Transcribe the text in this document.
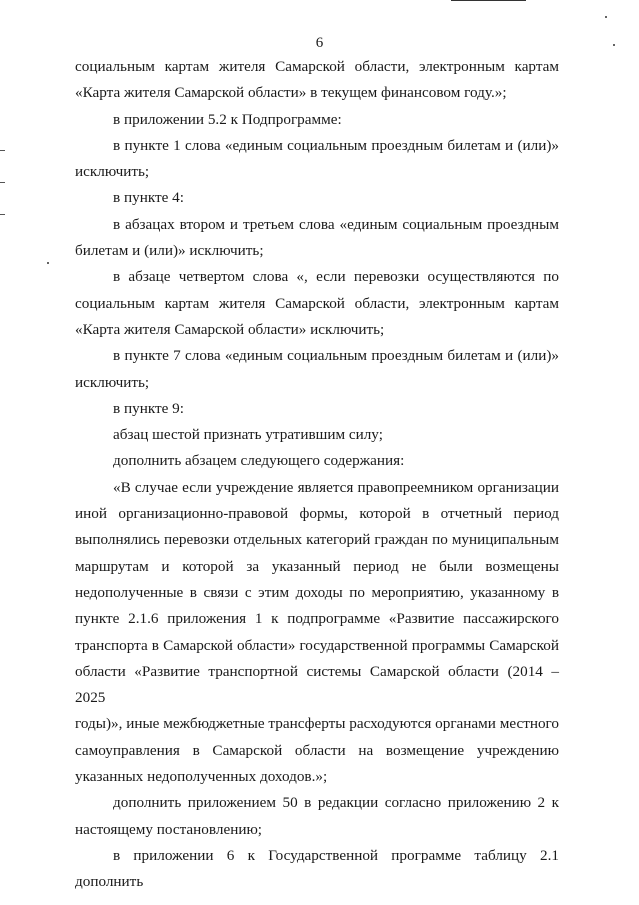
6

социальным картам жителя Самарской области, электронным картам

«Карта жителя Самарской области» в текущем финансовом году.»;

в приложении 5.2 к Подпрограмме:

в пункте 1 слова «единым социальным проездным билетам и (или)»

исключить;

в пункте 4:

в абзацах втором и третьем слова «единым социальным проездным

билетам и (или)» исключить;

в абзаце четвертом слова «, если перевозки осуществляются по

социальным картам жителя Самарской области, электронным картам

«Карта жителя Самарской области» исключить;

в пункте 7 слова «единым социальным проездным билетам и (или)»

исключить;

в пункте 9:

абзац шестой признать утратившим силу;

дополнить абзацем следующего содержания:

«В случае если учреждение является правопреемником организации

иной организационно-правовой формы, которой в отчетный период

выполнялись перевозки отдельных категорий граждан по муниципальным

маршрутам и которой за указанный период не были возмещены

недополученные в связи с этим доходы по мероприятию, указанному в

пункте 2.1.6 приложения 1 к подпрограмме «Развитие пассажирского

транспорта в Самарской области» государственной программы Самарской

области «Развитие транспортной системы Самарской области (2014 – 2025

годы)», иные межбюджетные трансферты расходуются органами местного

самоуправления в Самарской области на возмещение учреждению

указанных недополученных доходов.»;

дополнить приложением 50 в редакции согласно приложению 2 к

настоящему постановлению;

в приложении 6 к Государственной программе таблицу 2.1 дополнить
